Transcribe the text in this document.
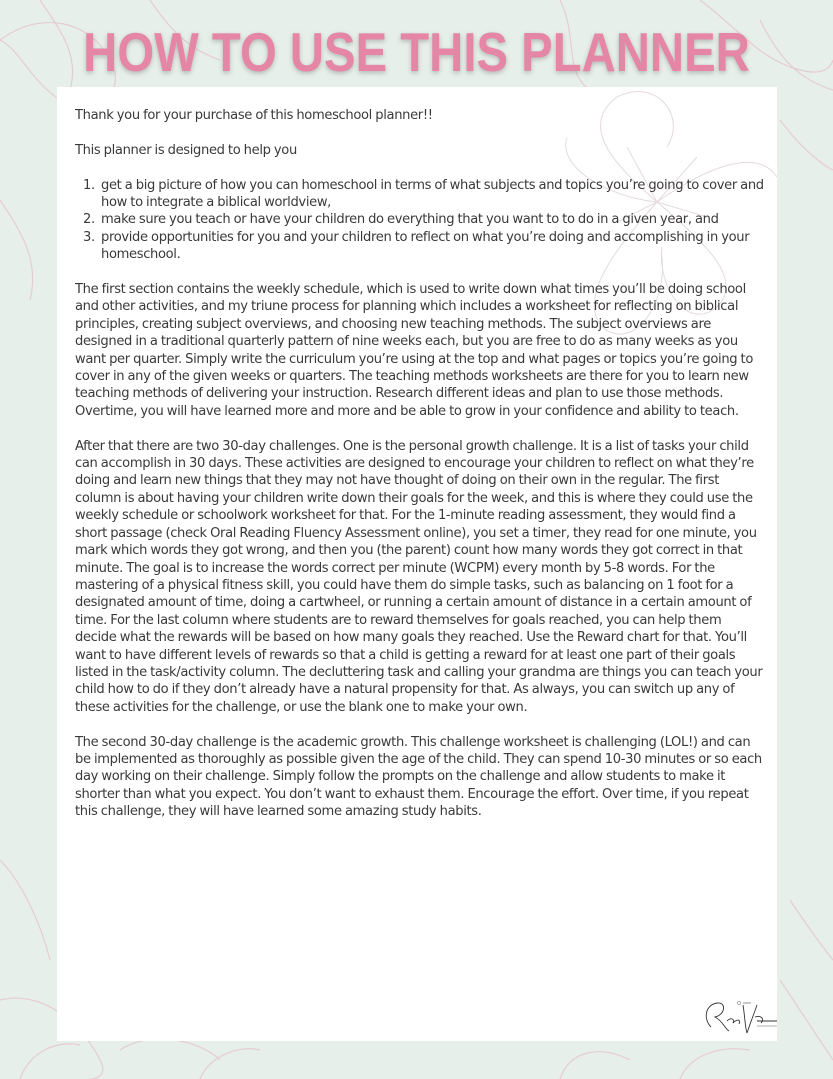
HOW TO USE THIS PLANNER

Thank you for your purchase of this homeschool planner!!

This planner is designed to help you

1. get a big picture of how you can homeschool in terms of what subjects and topics you’re going to cover and how to integrate a biblical worldview,
2. make sure you teach or have your children do everything that you want to to do in a given year, and
3. provide opportunities for you and your children to reflect on what you’re doing and accomplishing in your homeschool.

The first section contains the weekly schedule, which is used to write down what times you’ll be doing school and other activities, and my triune process for planning which includes a worksheet for reflecting on biblical principles, creating subject overviews, and choosing new teaching methods. The subject overviews are designed in a traditional quarterly pattern of nine weeks each, but you are free to do as many weeks as you want per quarter. Simply write the curriculum you’re using at the top and what pages or topics you’re going to cover in any of the given weeks or quarters. The teaching methods worksheets are there for you to learn new teaching methods of delivering your instruction. Research different ideas and plan to use those methods. Overtime, you will have learned more and more and be able to grow in your confidence and ability to teach.

After that there are two 30-day challenges. One is the personal growth challenge. It is a list of tasks your child can accomplish in 30 days. These activities are designed to encourage your children to reflect on what they’re doing and learn new things that they may not have thought of doing on their own in the regular. The first column is about having your children write down their goals for the week, and this is where they could use the weekly schedule or schoolwork worksheet for that. For the 1-minute reading assessment, they would find a short passage (check Oral Reading Fluency Assessment online), you set a timer, they read for one minute, you mark which words they got wrong, and then you (the parent) count how many words they got correct in that minute. The goal is to increase the words correct per minute (WCPM) every month by 5-8 words. For the mastering of a physical fitness skill, you could have them do simple tasks, such as balancing on 1 foot for a designated amount of time, doing a cartwheel, or running a certain amount of distance in a certain amount of time. For the last column where students are to reward themselves for goals reached, you can help them decide what the rewards will be based on how many goals they reached. Use the Reward chart for that. You’ll want to have different levels of rewards so that a child is getting a reward for at least one part of their goals listed in the task/activity column. The decluttering task and calling your grandma are things you can teach your child how to do if they don’t already have a natural propensity for that. As always, you can switch up any of these activities for the challenge, or use the blank one to make your own.

The second 30-day challenge is the academic growth. This challenge worksheet is challenging (LOL!) and can be implemented as thoroughly as possible given the age of the child. They can spend 10-30 minutes or so each day working on their challenge. Simply follow the prompts on the challenge and allow students to make it shorter than what you expect. You don’t want to exhaust them. Encourage the effort. Over time, if you repeat this challenge, they will have learned some amazing study habits.
